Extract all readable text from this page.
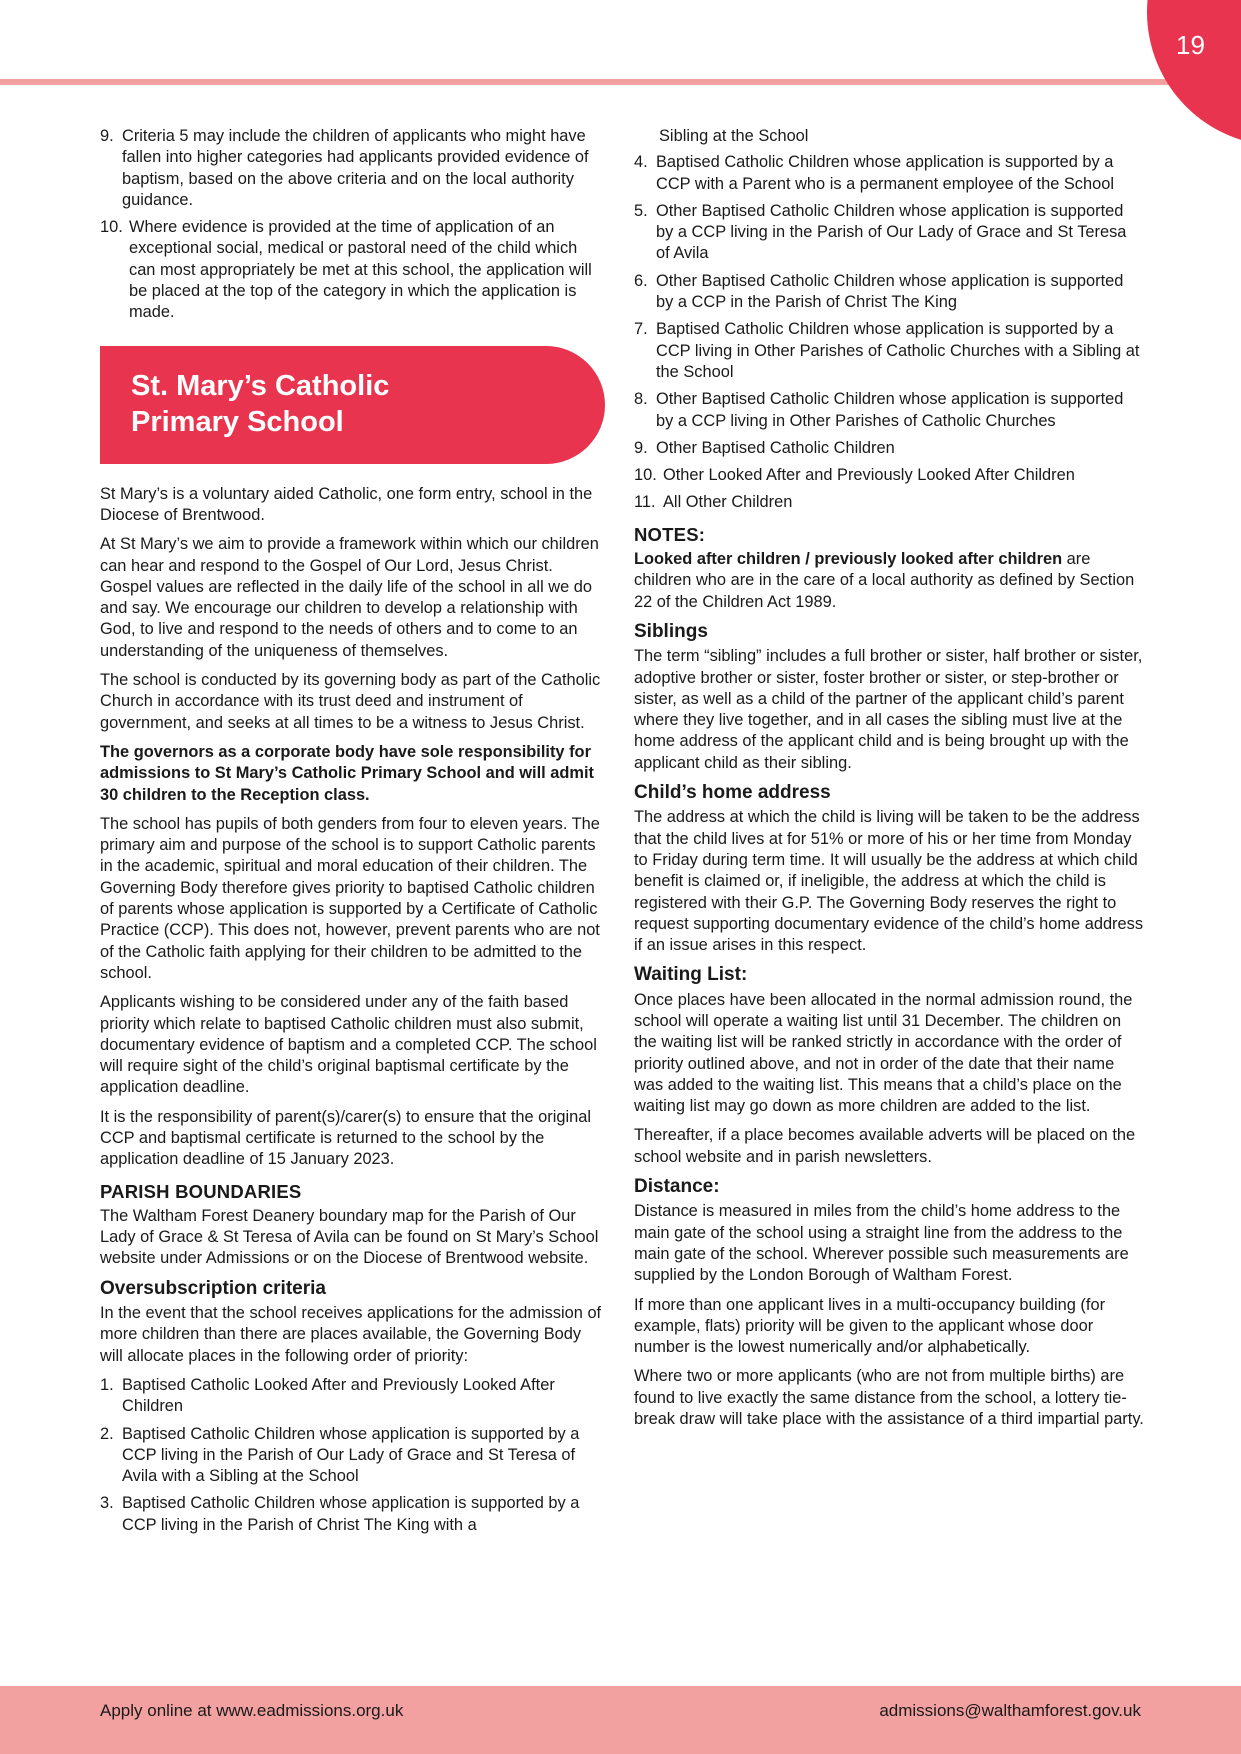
19
9. Criteria 5 may include the children of applicants who might have fallen into higher categories had applicants provided evidence of baptism, based on the above criteria and on the local authority guidance.
10. Where evidence is provided at the time of application of an exceptional social, medical or pastoral need of the child which can most appropriately be met at this school, the application will be placed at the top of the category in which the application is made.
St. Mary’s Catholic
Primary School

St Mary’s is a voluntary aided Catholic, one form entry, school in the Diocese of Brentwood.

At St Mary’s we aim to provide a framework within which our children can hear and respond to the Gospel of Our Lord, Jesus Christ. Gospel values are reflected in the daily life of the school in all we do and say. We encourage our children to develop a relationship with God, to live and respond to the needs of others and to come to an understanding of the uniqueness of themselves.

The school is conducted by its governing body as part of the Catholic Church in accordance with its trust deed and instrument of government, and seeks at all times to be a witness to Jesus Christ.

The governors as a corporate body have sole responsibility for admissions to St Mary’s Catholic Primary School and will admit 30 children to the Reception class.

The school has pupils of both genders from four to eleven years. The primary aim and purpose of the school is to support Catholic parents in the academic, spiritual and moral education of their children. The Governing Body therefore gives priority to baptised Catholic children of parents whose application is supported by a Certificate of Catholic Practice (CCP). This does not, however, prevent parents who are not of the Catholic faith applying for their children to be admitted to the school.

Applicants wishing to be considered under any of the faith based priority which relate to baptised Catholic children must also submit, documentary evidence of baptism and a completed CCP. The school will require sight of the child’s original baptismal certificate by the application deadline.

It is the responsibility of parent(s)/carer(s) to ensure that the original CCP and baptismal certificate is returned to the school by the application deadline of 15 January 2023.

PARISH BOUNDARIES

The Waltham Forest Deanery boundary map for the Parish of Our Lady of Grace & St Teresa of Avila can be found on St Mary’s School website under Admissions or on the Diocese of Brentwood website.

Oversubscription criteria

In the event that the school receives applications for the admission of more children than there are places available, the Governing Body will allocate places in the following order of priority:

1. Baptised Catholic Looked After and Previously Looked After Children
2. Baptised Catholic Children whose application is supported by a CCP living in the Parish of Our Lady of Grace and St Teresa of Avila with a Sibling at the School
3. Baptised Catholic Children whose application is supported by a CCP living in the Parish of Christ The King with a
Sibling at the School
4. Baptised Catholic Children whose application is supported by a CCP with a Parent who is a permanent employee of the School
5. Other Baptised Catholic Children whose application is supported by a CCP living in the Parish of Our Lady of Grace and St Teresa of Avila
6. Other Baptised Catholic Children whose application is supported by a CCP in the Parish of Christ The King
7. Baptised Catholic Children whose application is supported by a CCP living in Other Parishes of Catholic Churches with a Sibling at the School
8. Other Baptised Catholic Children whose application is supported by a CCP living in Other Parishes of Catholic Churches
9. Other Baptised Catholic Children
10. Other Looked After and Previously Looked After Children
11. All Other Children
NOTES:

Looked after children / previously looked after children are children who are in the care of a local authority as defined by Section 22 of the Children Act 1989.

Siblings

The term “sibling” includes a full brother or sister, half brother or sister, adoptive brother or sister, foster brother or sister, or step-brother or sister, as well as a child of the partner of the applicant child’s parent where they live together, and in all cases the sibling must live at the home address of the applicant child and is being brought up with the applicant child as their sibling.

Child’s home address

The address at which the child is living will be taken to be the address that the child lives at for 51% or more of his or her time from Monday to Friday during term time. It will usually be the address at which child benefit is claimed or, if ineligible, the address at which the child is registered with their G.P. The Governing Body reserves the right to request supporting documentary evidence of the child’s home address if an issue arises in this respect.

Waiting List:

Once places have been allocated in the normal admission round, the school will operate a waiting list until 31 December. The children on the waiting list will be ranked strictly in accordance with the order of priority outlined above, and not in order of the date that their name was added to the waiting list. This means that a child’s place on the waiting list may go down as more children are added to the list.

Thereafter, if a place becomes available adverts will be placed on the school website and in parish newsletters.

Distance:

Distance is measured in miles from the child’s home address to the main gate of the school using a straight line from the address to the main gate of the school. Wherever possible such measurements are supplied by the London Borough of Waltham Forest.

If more than one applicant lives in a multi-occupancy building (for example, flats) priority will be given to the applicant whose door number is the lowest numerically and/or alphabetically.

Where two or more applicants (who are not from multiple births) are found to live exactly the same distance from the school, a lottery tie-break draw will take place with the assistance of a third impartial party.

Apply online at www.eadmissions.org.uk	admissions@walthamforest.gov.uk
